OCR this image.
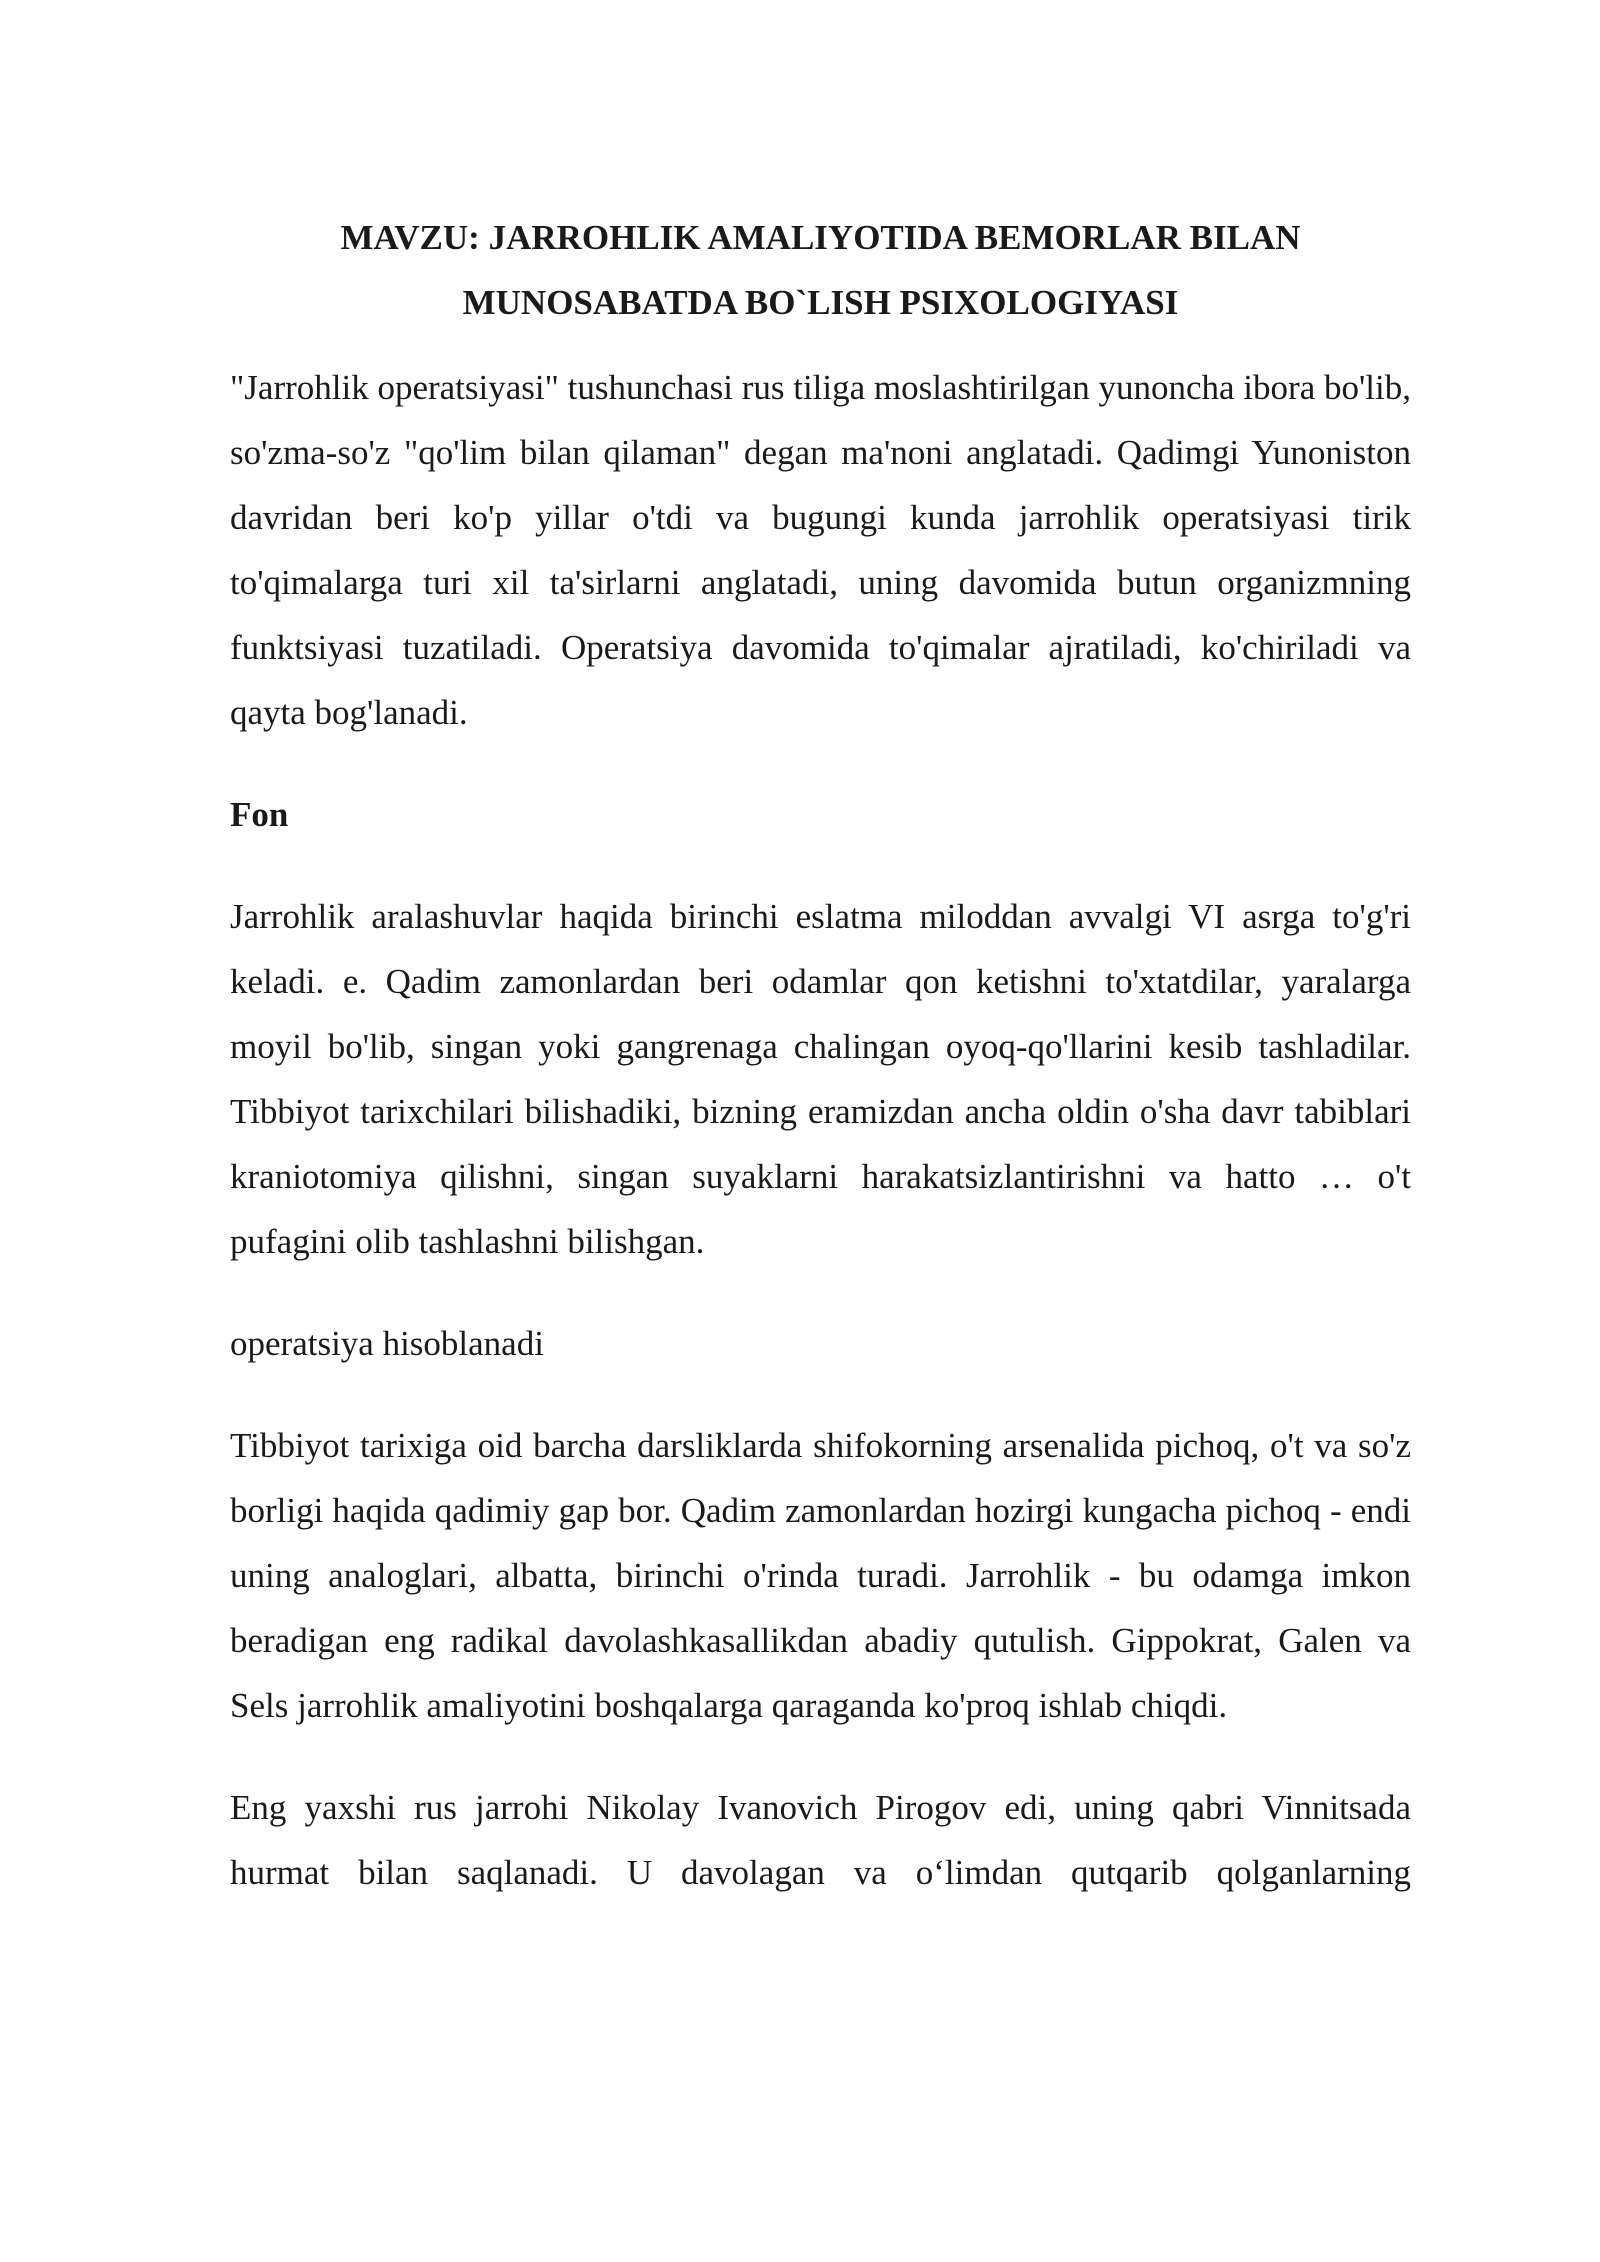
MAVZU: JARROHLIK AMALIYOTIDA BEMORLAR BILAN
MUNOSABATDA BO`LISH PSIXOLOGIYASI

"Jarrohlik operatsiyasi" tushunchasi rus tiliga moslashtirilgan yunoncha ibora bo'lib, so'zma-so'z "qo'lim bilan qilaman" degan ma'noni anglatadi. Qadimgi Yunoniston davridan beri ko'p yillar o'tdi va bugungi kunda jarrohlik operatsiyasi tirik to'qimalarga turi xil ta'sirlarni anglatadi, uning davomida butun organizmning funktsiyasi tuzatiladi. Operatsiya davomida to'qimalar ajratiladi, ko'chiriladi va qayta bog'lanadi.

Fon

Jarrohlik aralashuvlar haqida birinchi eslatma miloddan avvalgi VI asrga to'g'ri keladi. e. Qadim zamonlardan beri odamlar qon ketishni to'xtatdilar, yaralarga moyil bo'lib, singan yoki gangrenaga chalingan oyoq-qo'llarini kesib tashladilar. Tibbiyot tarixchilari bilishadiki, bizning eramizdan ancha oldin o'sha davr tabiblari kraniotomiya qilishni, singan suyaklarni harakatsizlantirishni va hatto … o't pufagini olib tashlashni bilishgan.

operatsiya hisoblanadi

Tibbiyot tarixiga oid barcha darsliklarda shifokorning arsenalida pichoq, o't va so'z borligi haqida qadimiy gap bor. Qadim zamonlardan hozirgi kungacha pichoq - endi uning analoglari, albatta, birinchi o'rinda turadi. Jarrohlik - bu odamga imkon beradigan eng radikal davolashkasallikdan abadiy qutulish. Gippokrat, Galen va Sels jarrohlik amaliyotini boshqalarga qaraganda ko'proq ishlab chiqdi.

Eng yaxshi rus jarrohi Nikolay Ivanovich Pirogov edi, uning qabri Vinnitsada hurmat bilan saqlanadi. U davolagan va o‘limdan qutqarib qolganlarning
